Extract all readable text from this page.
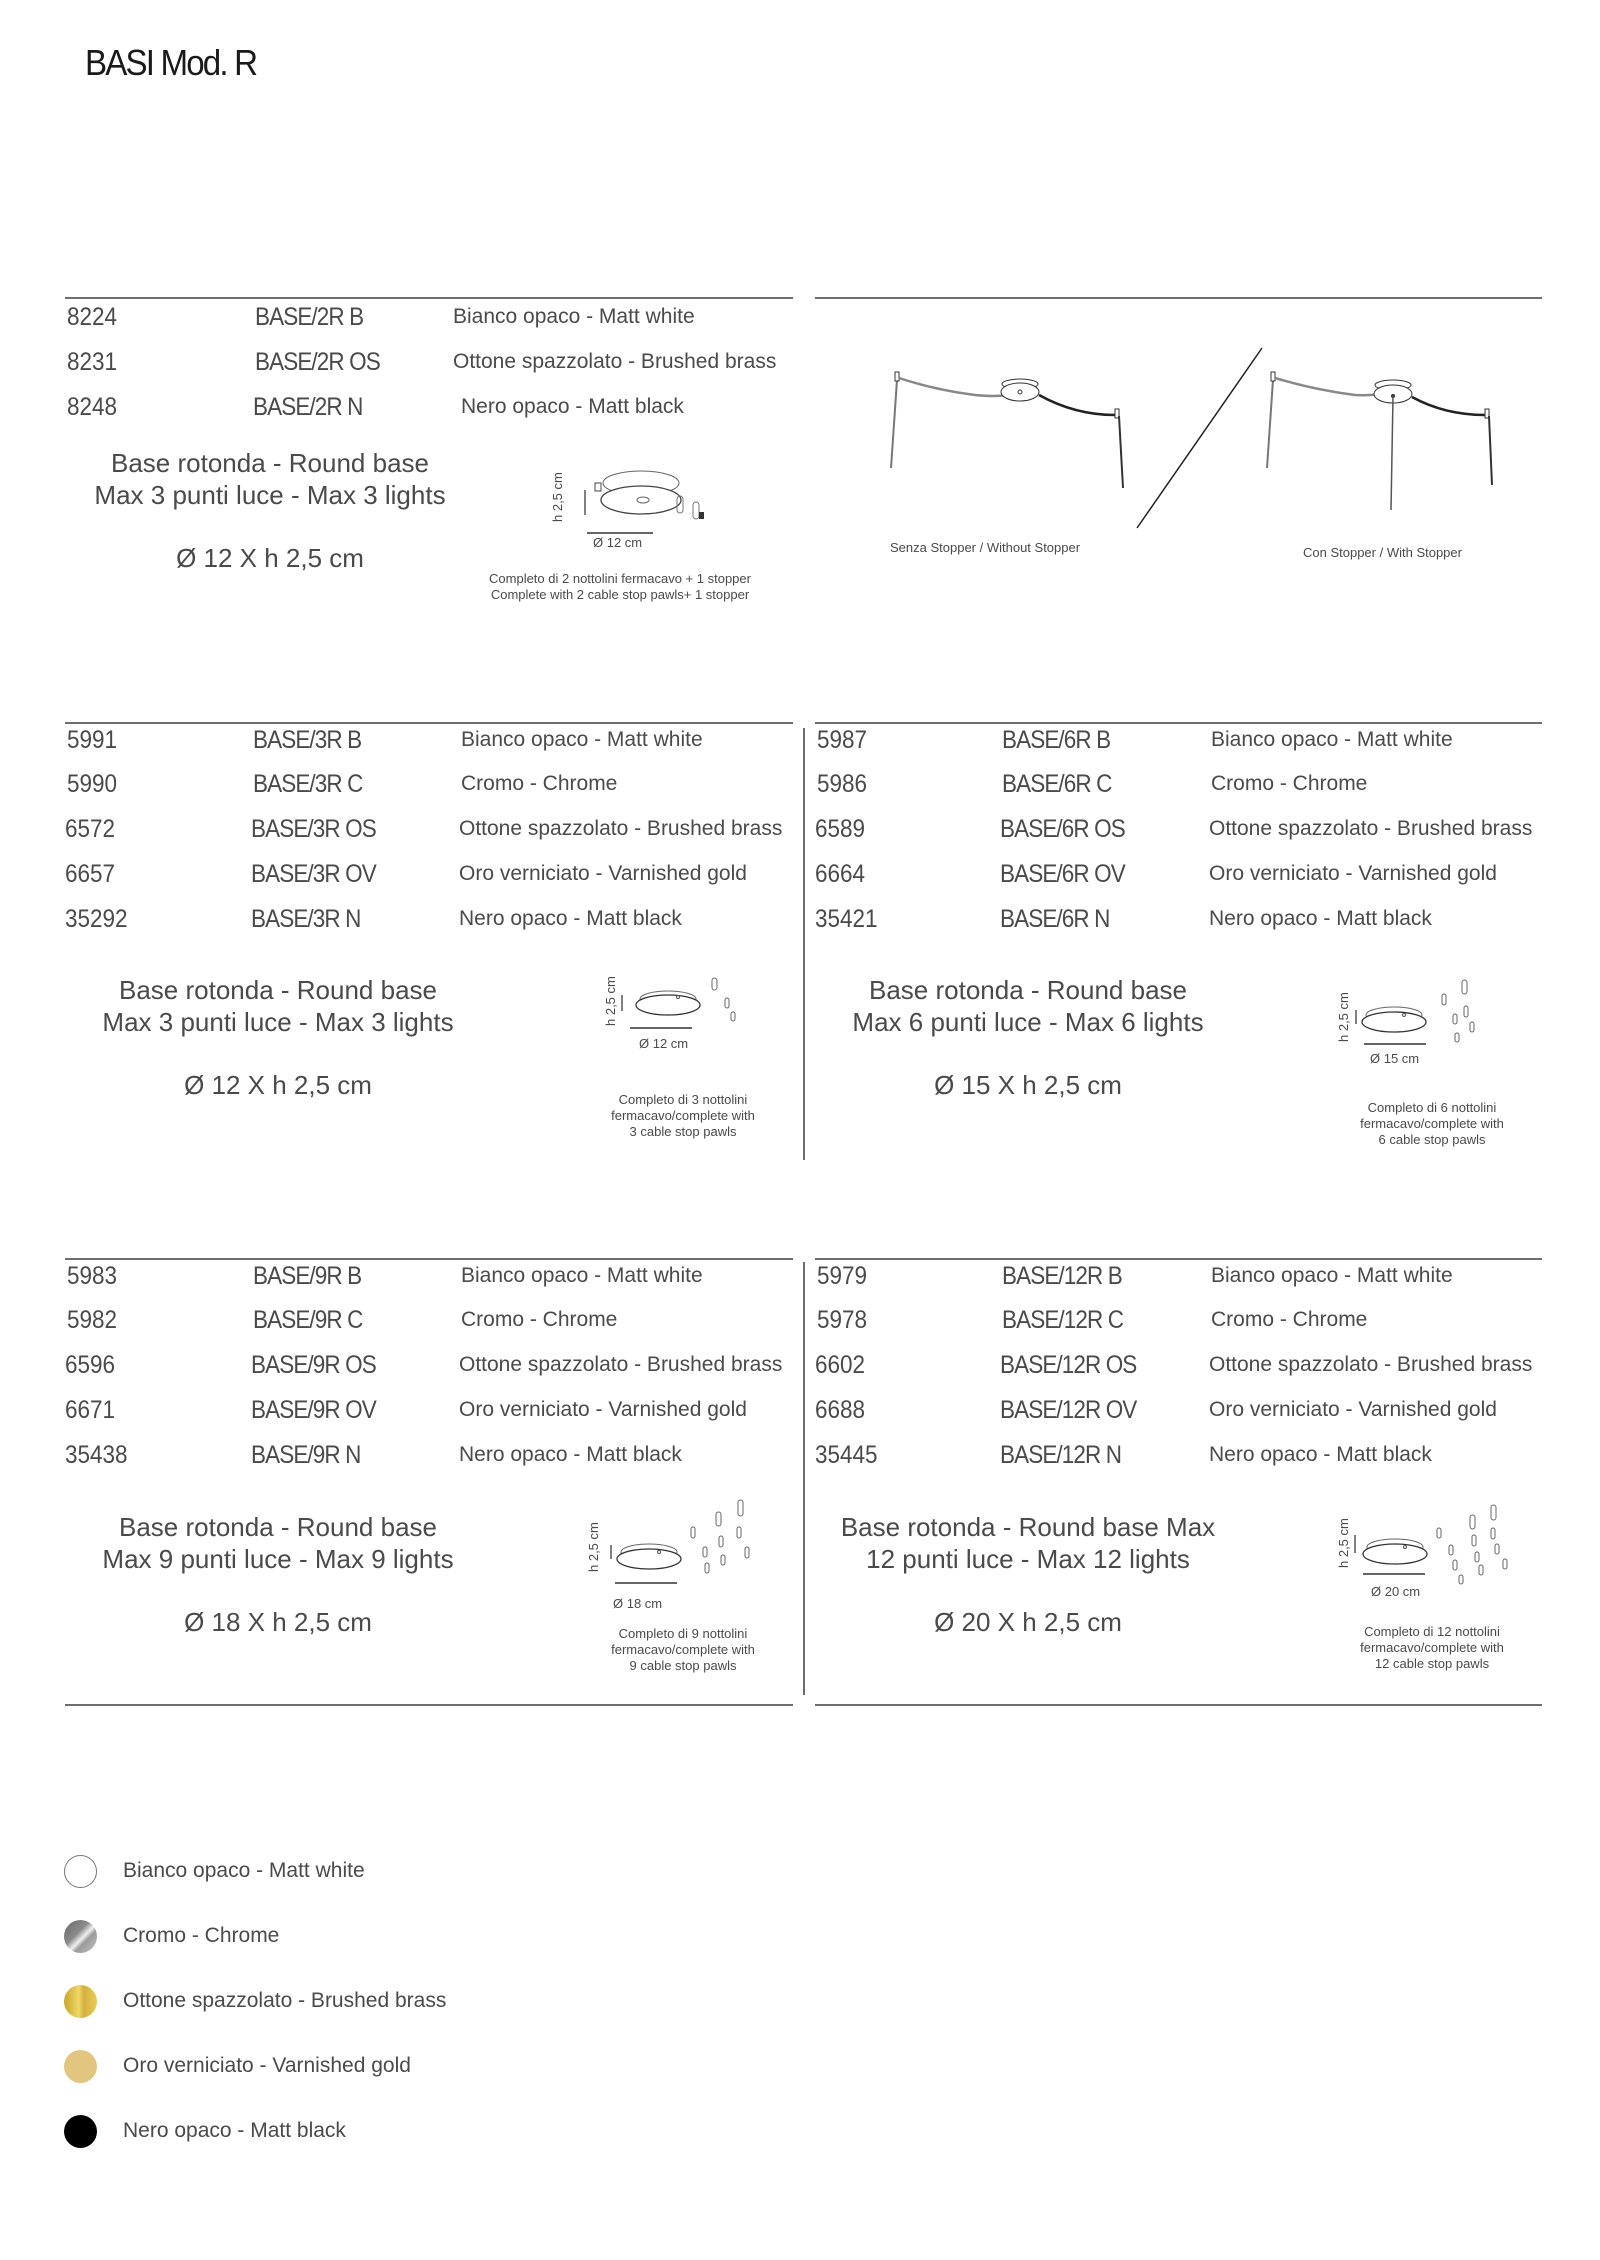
BASI Mod. R
8224	BASE/2R B	Bianco opaco - Matt white
8231	BASE/2R OS	Ottone spazzolato - Brushed brass
8248	BASE/2R N	Nero opaco - Matt black
Base rotonda - Round base
Max 3 punti luce - Max 3 lights
Ø 12 X h 2,5 cm
h 2,5 cm
Ø 12 cm
Completo di 2 nottolini fermacavo + 1 stopper
Complete with 2 cable stop pawls+ 1 stopper
Senza Stopper / Without Stopper	Con Stopper / With Stopper
5991	BASE/3R B	Bianco opaco - Matt white
5990	BASE/3R C	Cromo - Chrome
6572	BASE/3R OS	Ottone spazzolato - Brushed brass
6657	BASE/3R OV	Oro verniciato - Varnished gold
35292	BASE/3R N	Nero opaco - Matt black
Base rotonda - Round base
Max 3 punti luce - Max 3 lights
Ø 12 X h 2,5 cm
h 2,5 cm
Ø 12 cm
Completo di 3 nottolini
fermacavo/complete with
3 cable stop pawls
5987	BASE/6R B	Bianco opaco - Matt white
5986	BASE/6R C	Cromo - Chrome
6589	BASE/6R OS	Ottone spazzolato - Brushed brass
6664	BASE/6R OV	Oro verniciato - Varnished gold
35421	BASE/6R N	Nero opaco - Matt black
Base rotonda - Round base
Max 6 punti luce - Max 6 lights
Ø 15 X h 2,5 cm
h 2,5 cm
Ø 15 cm
Completo di 6 nottolini
fermacavo/complete with
6 cable stop pawls
5983	BASE/9R B	Bianco opaco - Matt white
5982	BASE/9R C	Cromo - Chrome
6596	BASE/9R OS	Ottone spazzolato - Brushed brass
6671	BASE/9R OV	Oro verniciato - Varnished gold
35438	BASE/9R N	Nero opaco - Matt black
Base rotonda - Round base
Max 9 punti luce - Max 9 lights
Ø 18 X h 2,5 cm
h 2,5 cm
Ø 18 cm
Completo di 9 nottolini
fermacavo/complete with
9 cable stop pawls
5979	BASE/12R B	Bianco opaco - Matt white
5978	BASE/12R C	Cromo - Chrome
6602	BASE/12R OS	Ottone spazzolato - Brushed brass
6688	BASE/12R OV	Oro verniciato - Varnished gold
35445	BASE/12R N	Nero opaco - Matt black
Base rotonda - Round base Max
12 punti luce - Max 12 lights
Ø 20 X h 2,5 cm
h 2,5 cm
Ø 20 cm
Completo di 12 nottolini
fermacavo/complete with
12 cable stop pawls
Bianco opaco - Matt white
Cromo - Chrome
Ottone spazzolato - Brushed brass
Oro verniciato - Varnished gold
Nero opaco - Matt black
